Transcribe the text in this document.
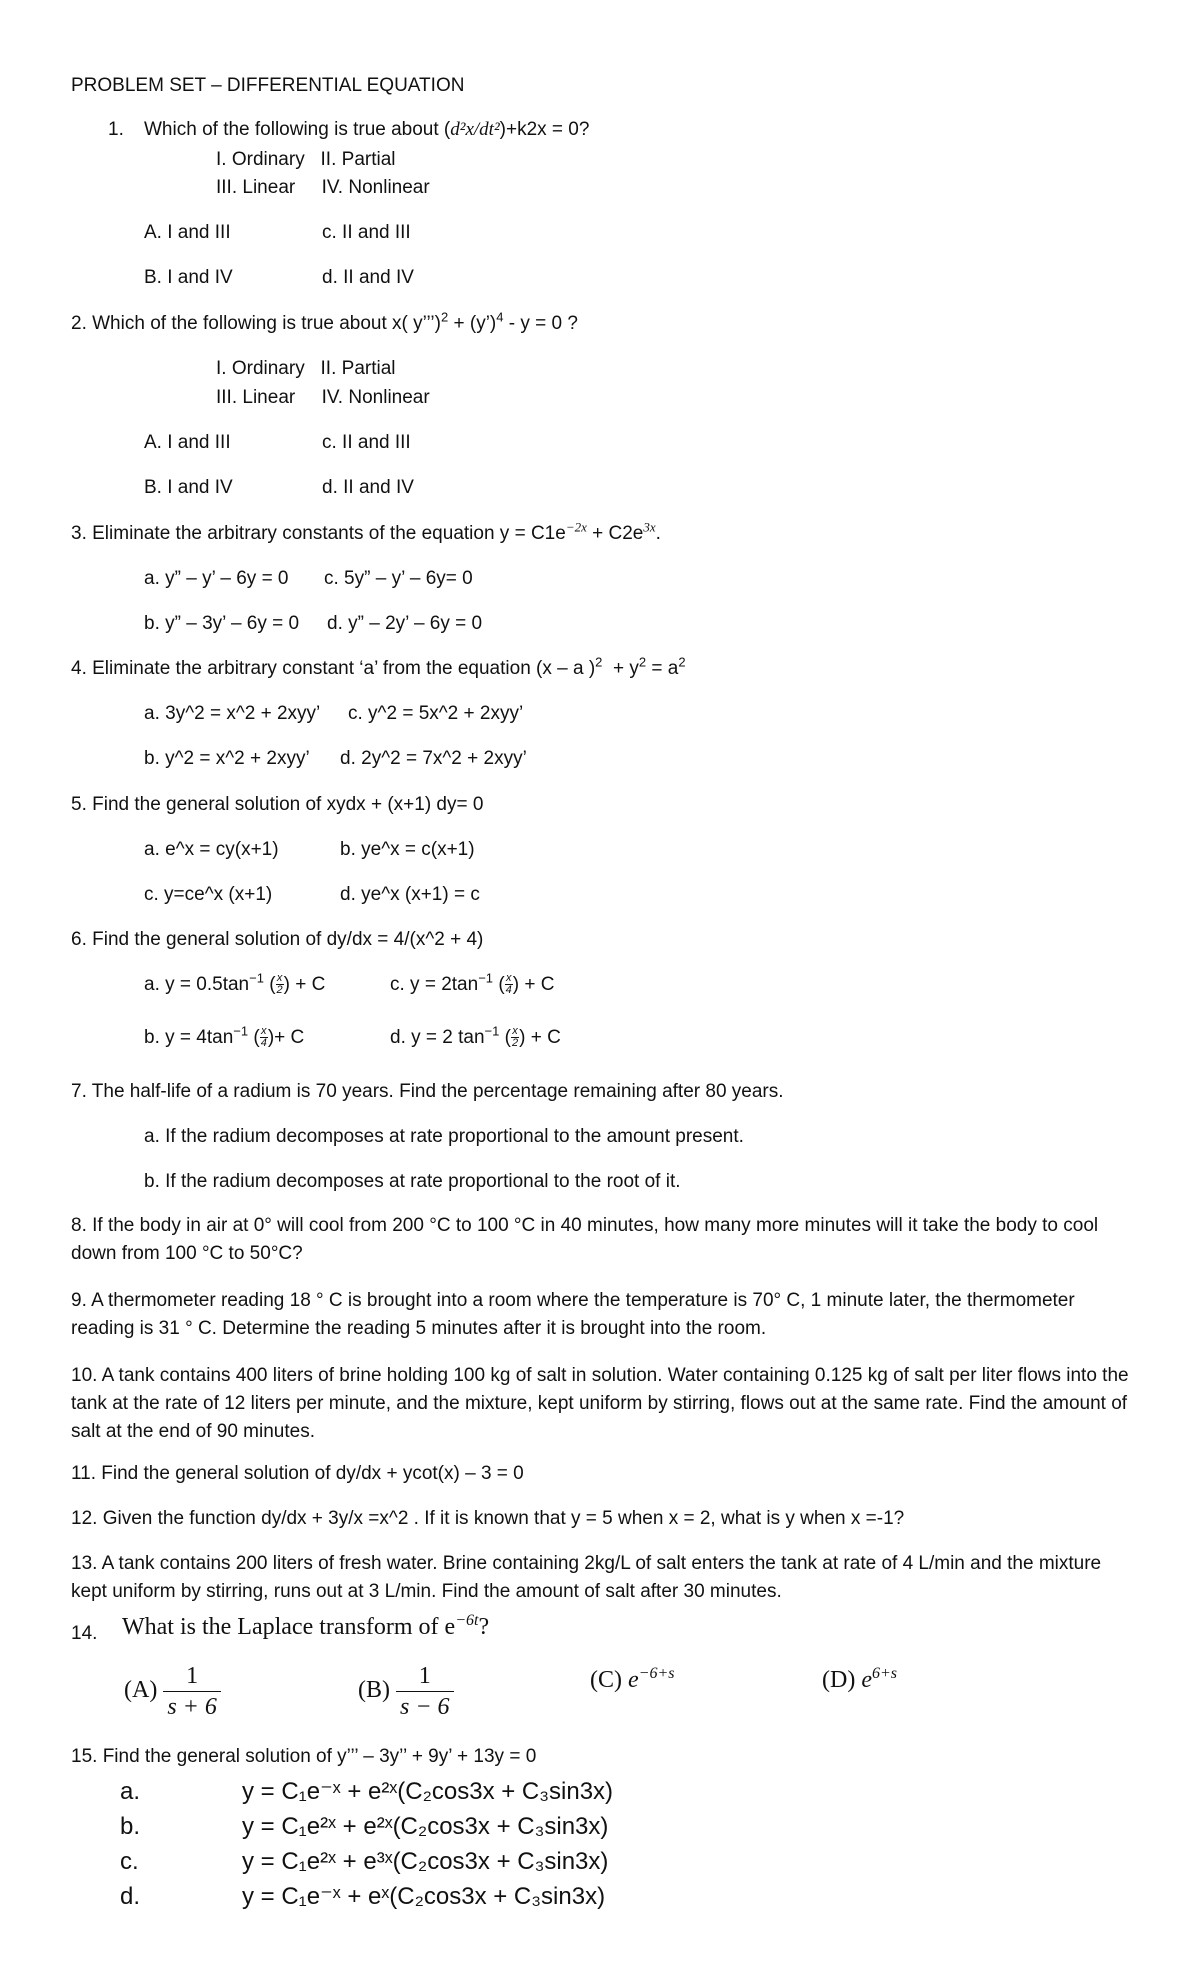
PROBLEM SET – DIFFERENTIAL EQUATION
1. Which of the following is true about (d²x/dt²)+k2x = 0?
I. Ordinary   II. Partial
III. Linear     IV. Nonlinear
A. I and III	c. II and III
B. I and IV	d. II and IV
2. Which of the following is true about x( y’’’)$^2$ + (y’)$^4$ - y = 0 ?
I. Ordinary   II. Partial
III. Linear     IV. Nonlinear
A. I and III	c. II and III
B. I and IV	d. II and IV
3. Eliminate the arbitrary constants of the equation $y = C1e^{-2x} + C2e^{3x}$.
a. y” – y’ – 6y = 0 c. 5y” – y’ – 6y= 0
b. y” – 3y’ – 6y = 0 d. y” – 2y’ – 6y = 0
4. Eliminate the arbitrary constant ‘a’ from the equation (x – a )$^2 + y^2 = a^2$
a. 3y^2 = x^2 + 2xyy’ c. y^2 = 5x^2 + 2xyy’
b. y^2 = x^2 + 2xyy’ d. 2y^2 = 7x^2 + 2xyy’
5. Find the general solution of xydx + (x+1) dy= 0
a. e^x = cy(x+1)	b. ye^x = c(x+1)
c. y=ce^x (x+1)	d. ye^x (x+1) = c
6. Find the general solution of dy/dx = 4/(x^2 + 4)
a. $y = 0.5\tan^{-1}$ ( $\frac{x}{2}$ ) + C	c. $y = 2\tan^{-1}$ ( $\frac{x}{4}$ ) + C
b. $y = 4\tan^{-1}$ ( $\frac{x}{4}$ )+ C	d. y = 2 $\tan^{-1}$ ( $\frac{x}{2}$ ) + C
7. The half-life of a radium is 70 years. Find the percentage remaining after 80 years.
a. If the radium decomposes at rate proportional to the amount present.
b. If the radium decomposes at rate proportional to the root of it.
8. If the body in air at 0° will cool from 200 °C to 100 °C in 40 minutes, how many more minutes will it take the body to cool down from 100 °C to 50°C?
9. A thermometer reading 18 ° C is brought into a room where the temperature is 70° C, 1 minute later, the thermometer reading is 31 ° C. Determine the reading 5 minutes after it is brought into the room.
10. A tank contains 400 liters of brine holding 100 kg of salt in solution. Water containing 0.125 kg of salt per liter flows into the tank at the rate of 12 liters per minute, and the mixture, kept uniform by stirring, flows out at the same rate. Find the amount of salt at the end of 90 minutes.
11. Find the general solution of dy/dx + ycot(x) – 3 = 0
12. Given the function dy/dx + 3y/x =x^2 . If it is known that y = 5 when x = 2, what is y when x =-1?
13. A tank contains 200 liters of fresh water. Brine containing 2kg/L of salt enters the tank at rate of 4 L/min and the mixture kept uniform by stirring, runs out at 3 L/min. Find the amount of salt after 30 minutes.
14. What is the Laplace transform of $e^{-6t}$?
$(A) \frac{1}{s + 6}$	$(B) \frac{1}{s - 6}$	(C) $e^{-6+s}$	(D) $e^{6+s}$
15. Find the general solution of y’’’ – 3y’’ + 9y’ + 13y = 0
a.	y = C₁e⁻ˣ + e²ˣ(C₂cos3x + C₃sin3x)
b.	y = C₁e²ˣ + e²ˣ(C₂cos3x + C₃sin3x)
c.	y = C₁e²ˣ + e³ˣ(C₂cos3x + C₃sin3x)
d.	y = C₁e⁻ˣ + eˣ(C₂cos3x + C₃sin3x)
